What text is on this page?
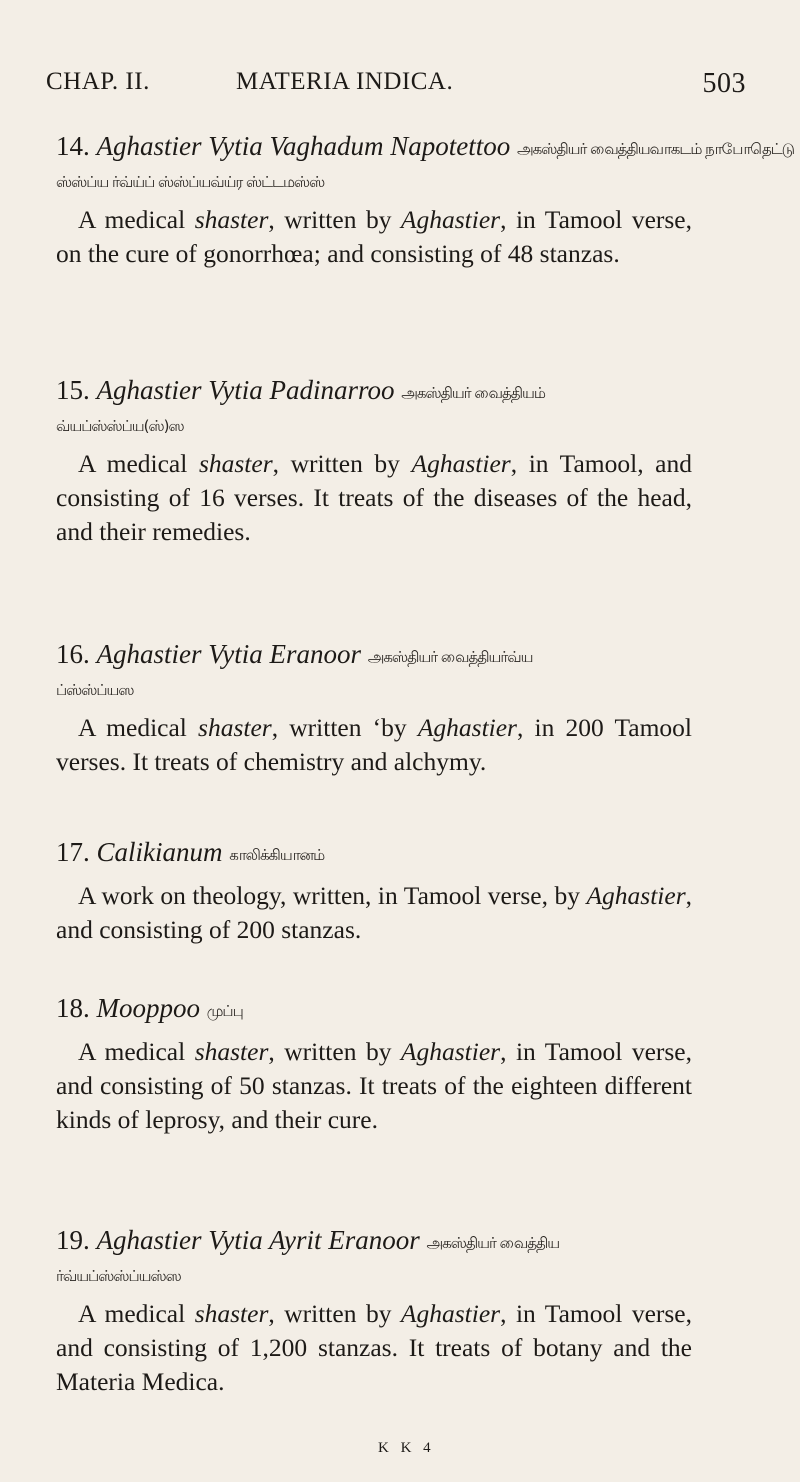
CHAP. II.	MATERIA INDICA.	503
14. Aghastier Vytia Vaghadum Napotettoo அகஸ்தியர் வைத்தியவாகடம் நாபோதெட்டு
ஸ்ஸ்ப்ய ர்வ்ய்ப் ஸ்ஸ்ப்யவ்ய்ர ஸ்ட்டமஸ்ஸ்
A medical shaster, written by Aghastier, in Tamool verse, on the cure of gonorrhœa; and consisting of 48 stanzas.
15. Aghastier Vytia Padinarroo அகஸ்தியர் வைத்தியம்
வ்யப்ஸ்ஸ்ப்ய(ஸ்)ஸ
A medical shaster, written by Aghastier, in Tamool, and consisting of 16 verses. It treats of the diseases of the head, and their remedies.
16. Aghastier Vytia Eranoor அகஸ்தியர் வைத்தியர்வ்ய
ப்ஸ்ஸ்ப்யஸ
A medical shaster, written ‘by Aghastier, in 200 Tamool verses. It treats of chemistry and alchymy.
17. Calikianum காலிக்கியானம்
A work on theology, written, in Tamool verse, by Aghastier, and consisting of 200 stanzas.
18. Mooppoo முப்பு
A medical shaster, written by Aghastier, in Tamool verse, and consisting of 50 stanzas. It treats of the eighteen different kinds of leprosy, and their cure.
19. Aghastier Vytia Ayrit Eranoor அகஸ்தியர் வைத்திய
ர்வ்யப்ஸ்ஸ்ப்யஸ்ஸ
A medical shaster, written by Aghastier, in Tamool verse, and consisting of 1,200 stanzas. It treats of botany and the Materia Medica.
K K 4
